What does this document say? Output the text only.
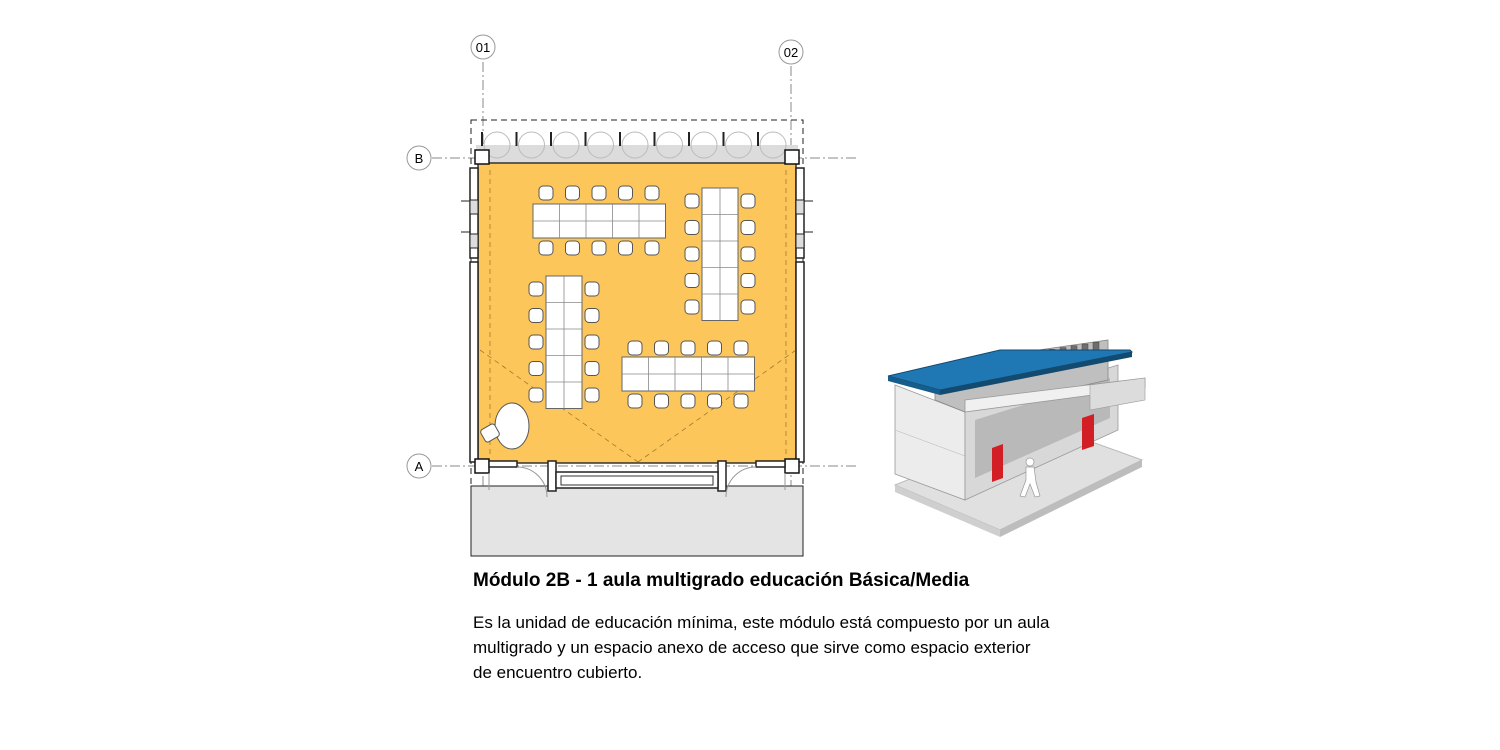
01	02
B
A
Módulo 2B - 1 aula multigrado educación Básica/Media
Es la unidad de educación mínima, este módulo está compuesto por un aula
multigrado y un espacio anexo de acceso que sirve como espacio exterior
de encuentro cubierto.
